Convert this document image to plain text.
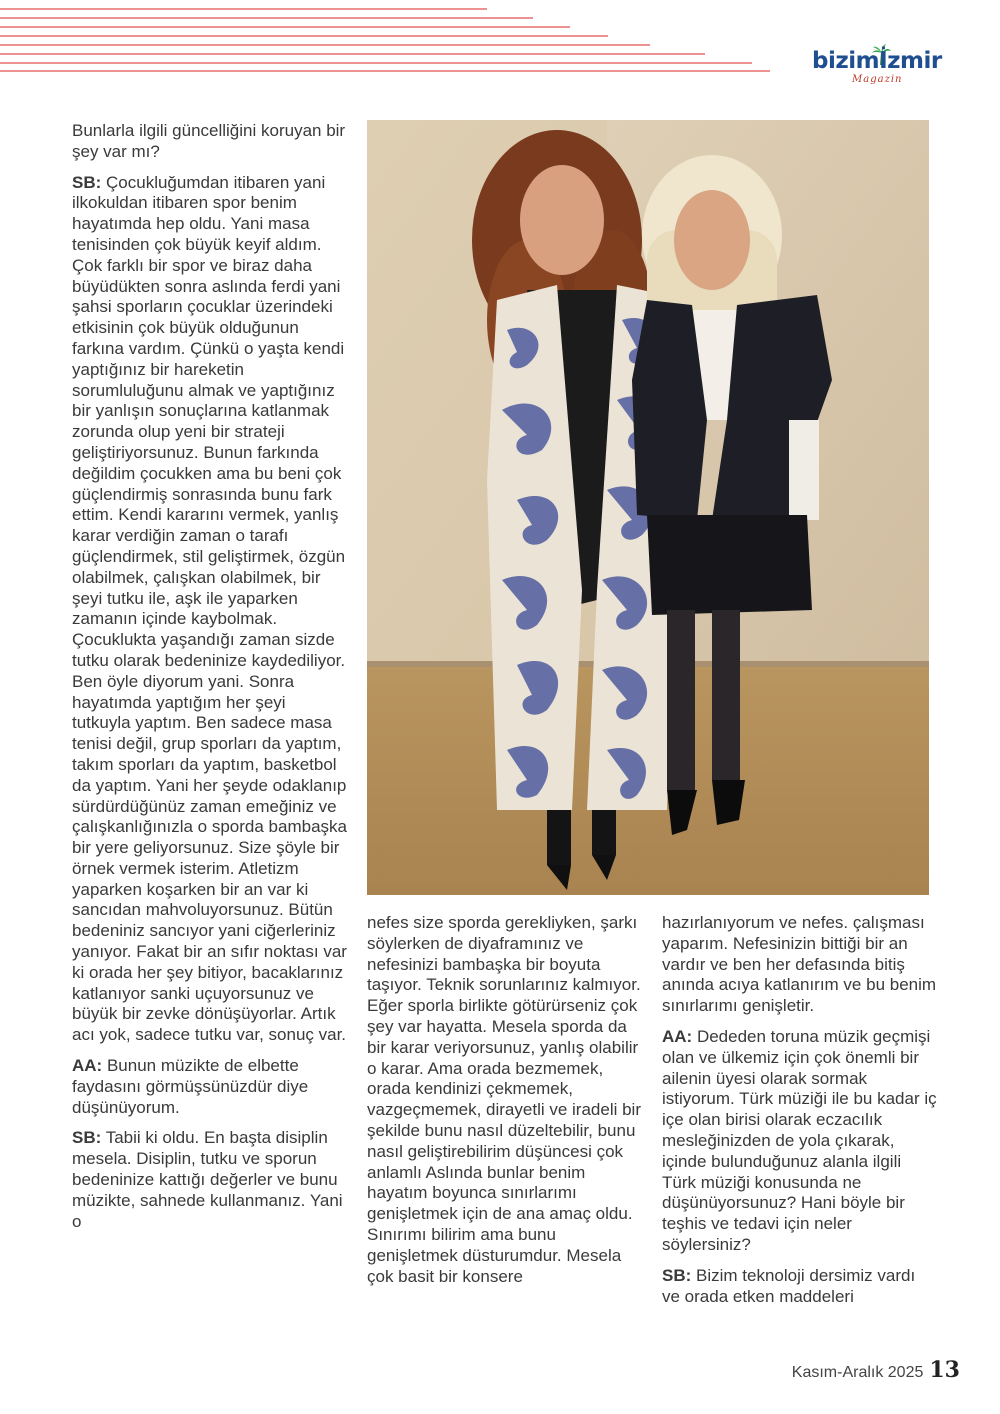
bizimİzmir
Magazin

Bunlarla ilgili güncelliğini koruyan bir şey var mı?

SB: Çocukluğumdan itibaren yani ilkokuldan itibaren spor benim hayatımda hep oldu. Yani masa tenisinden çok büyük keyif aldım. Çok farklı bir spor ve biraz daha büyüdükten sonra aslında ferdi yani şahsi sporların çocuklar üzerindeki etkisinin çok büyük olduğunun farkına vardım. Çünkü o yaşta kendi yaptığınız bir hareketin sorumluluğunu almak ve yaptığınız bir yanlışın sonuçlarına katlanmak zorunda olup yeni bir strateji geliştiriyorsunuz. Bunun farkında değildim çocukken ama bu beni çok güçlendirmiş sonrasında bunu fark ettim. Kendi kararını vermek, yanlış karar verdiğin zaman o tarafı güçlendirmek, stil geliştirmek, özgün olabilmek, çalışkan olabilmek, bir şeyi tutku ile, aşk ile yaparken zamanın içinde kaybolmak. Çocuklukta yaşandığı zaman sizde tutku olarak bedeninize kaydediliyor. Ben öyle diyorum yani. Sonra hayatımda yaptığım her şeyi tutkuyla yaptım. Ben sadece masa tenisi değil, grup sporları da yaptım, takım sporları da yaptım, basketbol da yaptım. Yani her şeyde odaklanıp sürdürdüğünüz zaman emeğiniz ve çalışkanlığınızla o sporda bambaşka bir yere geliyorsunuz. Size şöyle bir örnek vermek isterim. Atletizm yaparken koşarken bir an var ki sancıdan mahvoluyorsunuz. Bütün bedeniniz sancıyor yani ciğerleriniz yanıyor. Fakat bir an sıfır noktası var ki orada her şey bitiyor, bacaklarınız katlanıyor sanki uçuyorsunuz ve büyük bir zevke dönüşüyorlar. Artık acı yok, sadece tutku var, sonuç var.

AA: Bunun müzikte de elbette faydasını görmüşsünüzdür diye düşünüyorum.

SB: Tabii ki oldu. En başta disiplin mesela. Disiplin, tutku ve sporun bedeninize kattığı değerler ve bunu müzikte, sahnede kullanmanız. Yani o

nefes size sporda gerekliyken, şarkı söylerken de diyaframınız ve nefesinizi bambaşka bir boyuta taşıyor. Teknik sorunlarınız kalmıyor. Eğer sporla birlikte götürürseniz çok şey var hayatta. Mesela sporda da bir karar veriyorsunuz, yanlış olabilir o karar. Ama orada bezmemek, orada kendinizi çekmemek, vazgeçmemek, dirayetli ve iradeli bir şekilde bunu nasıl düzeltebilir, bunu nasıl geliştirebilirim düşüncesi çok anlamlı Aslında bunlar benim hayatım boyunca sınırlarımı genişletmek için de ana amaç oldu. Sınırımı bilirim ama bunu genişletmek düsturumdur. Mesela çok basit bir konsere

hazırlanıyorum ve nefes. çalışması yaparım. Nefesinizin bittiği bir an vardır ve ben her defasında bitiş anında acıya katlanırım ve bu benim sınırlarımı genişletir.

AA: Dededen toruna müzik geçmişi olan ve ülkemiz için çok önemli bir ailenin üyesi olarak sormak istiyorum. Türk müziği ile bu kadar iç içe olan birisi olarak eczacılık mesleğinizden de yola çıkarak, içinde bulunduğunuz alanla ilgili Türk müziği konusunda ne düşünüyorsunuz? Hani böyle bir teşhis ve tedavi için neler söylersiniz?

SB: Bizim teknoloji dersimiz vardı ve orada etken maddeleri

Kasım-Aralık 2025 13
